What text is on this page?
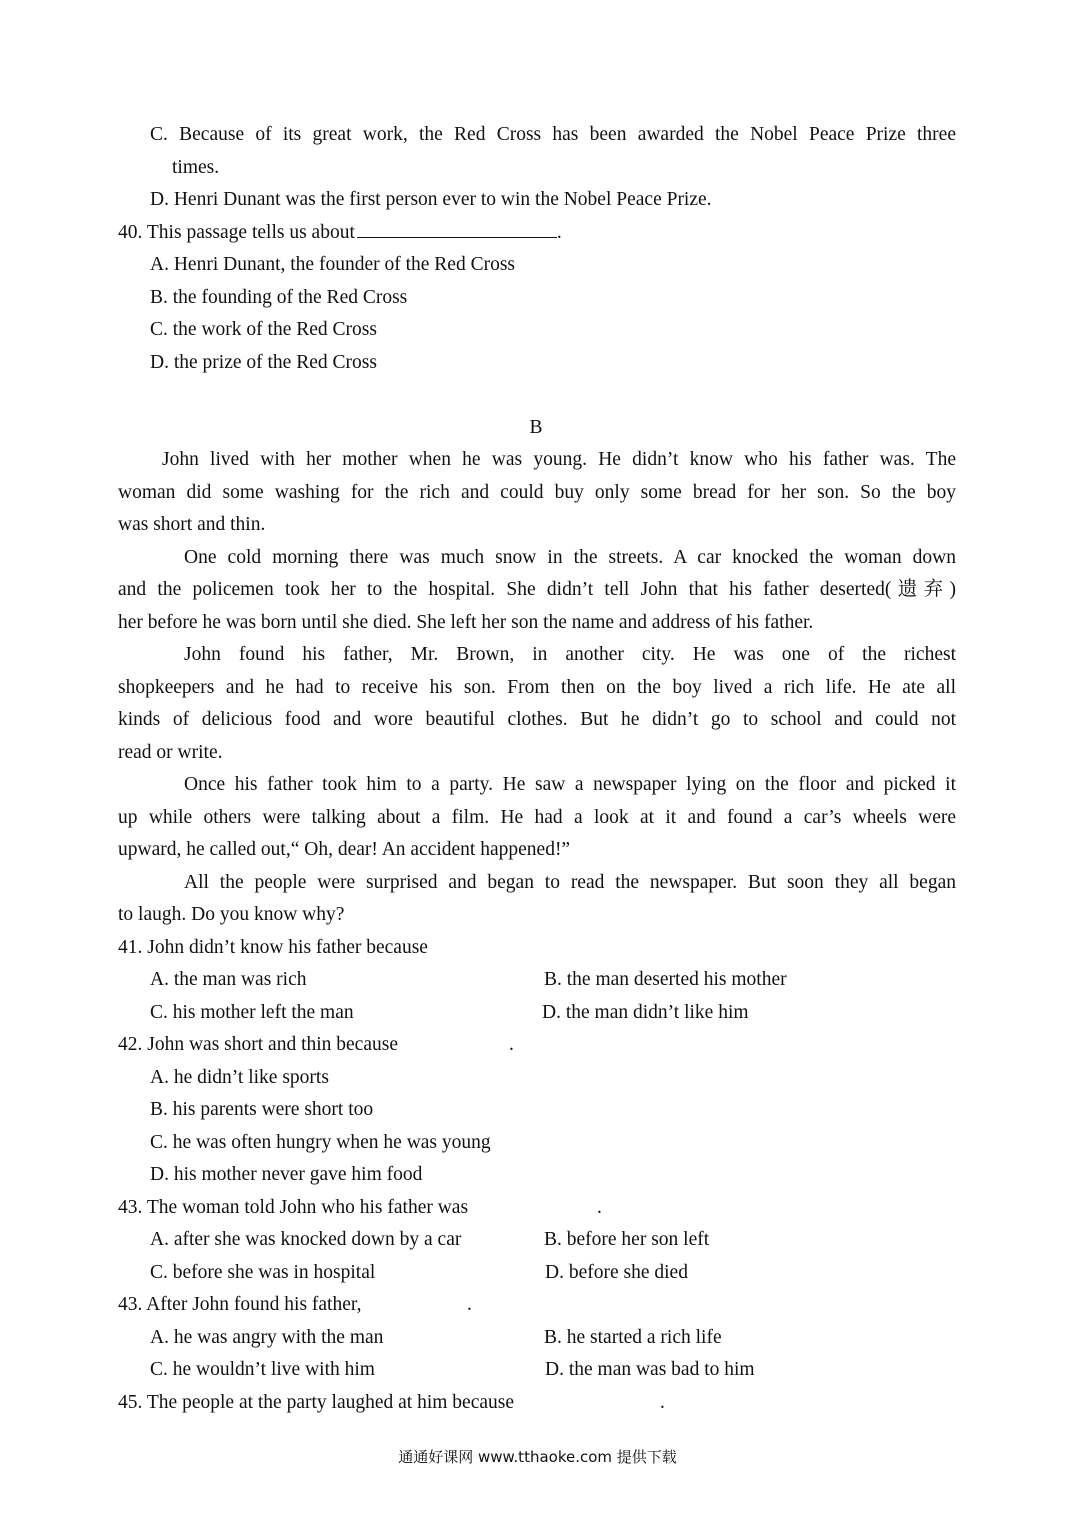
C. Because of its great work, the Red Cross has been awarded the Nobel Peace Prize three
times.
D. Henri Dunant was the first person ever to win the Nobel Peace Prize.
40. This passage tells us about	.
A. Henri Dunant, the founder of the Red Cross
B. the founding of the Red Cross
C. the work of the Red Cross
D. the prize of the Red Cross
B
John lived with her mother when he was young. He didn’t know who his father was. The
woman did some washing for the rich and could buy only some bread for her son. So the boy
was short and thin.
One cold morning there was much snow in the streets. A car knocked the woman down
and the policemen took her to the hospital. She didn’t tell John that his father deserted(遗弃)
her before he was born until she died. She left her son the name and address of his father.
John found his father, Mr. Brown, in another city. He was one of the richest
shopkeepers and he had to receive his son. From then on the boy lived a rich life. He ate all
kinds of delicious food and wore beautiful clothes. But he didn’t go to school and could not
read or write.
Once his father took him to a party. He saw a newspaper lying on the floor and picked it
up while others were talking about a film. He had a look at it and found a car’s wheels were
upward, he called out,“ Oh, dear! An accident happened!”
All the people were surprised and began to read the newspaper. But soon they all began
to laugh. Do you know why?
41. John didn’t know his father because
A. the man was rich	B. the man deserted his mother
C. his mother left the man	D. the man didn’t like him
42. John was short and thin because	.
A. he didn’t like sports
B. his parents were short too
C. he was often hungry when he was young
D. his mother never gave him food
43. The woman told John who his father was	.
A. after she was knocked down by a car	B. before her son left
C. before she was in hospital	D. before she died
43. After John found his father,	.
A. he was angry with the man	B. he started a rich life
C. he wouldn’t live with him	D. the man was bad to him
45. The people at the party laughed at him because	.
通通好课网 www.tthaoke.com 提供下载
